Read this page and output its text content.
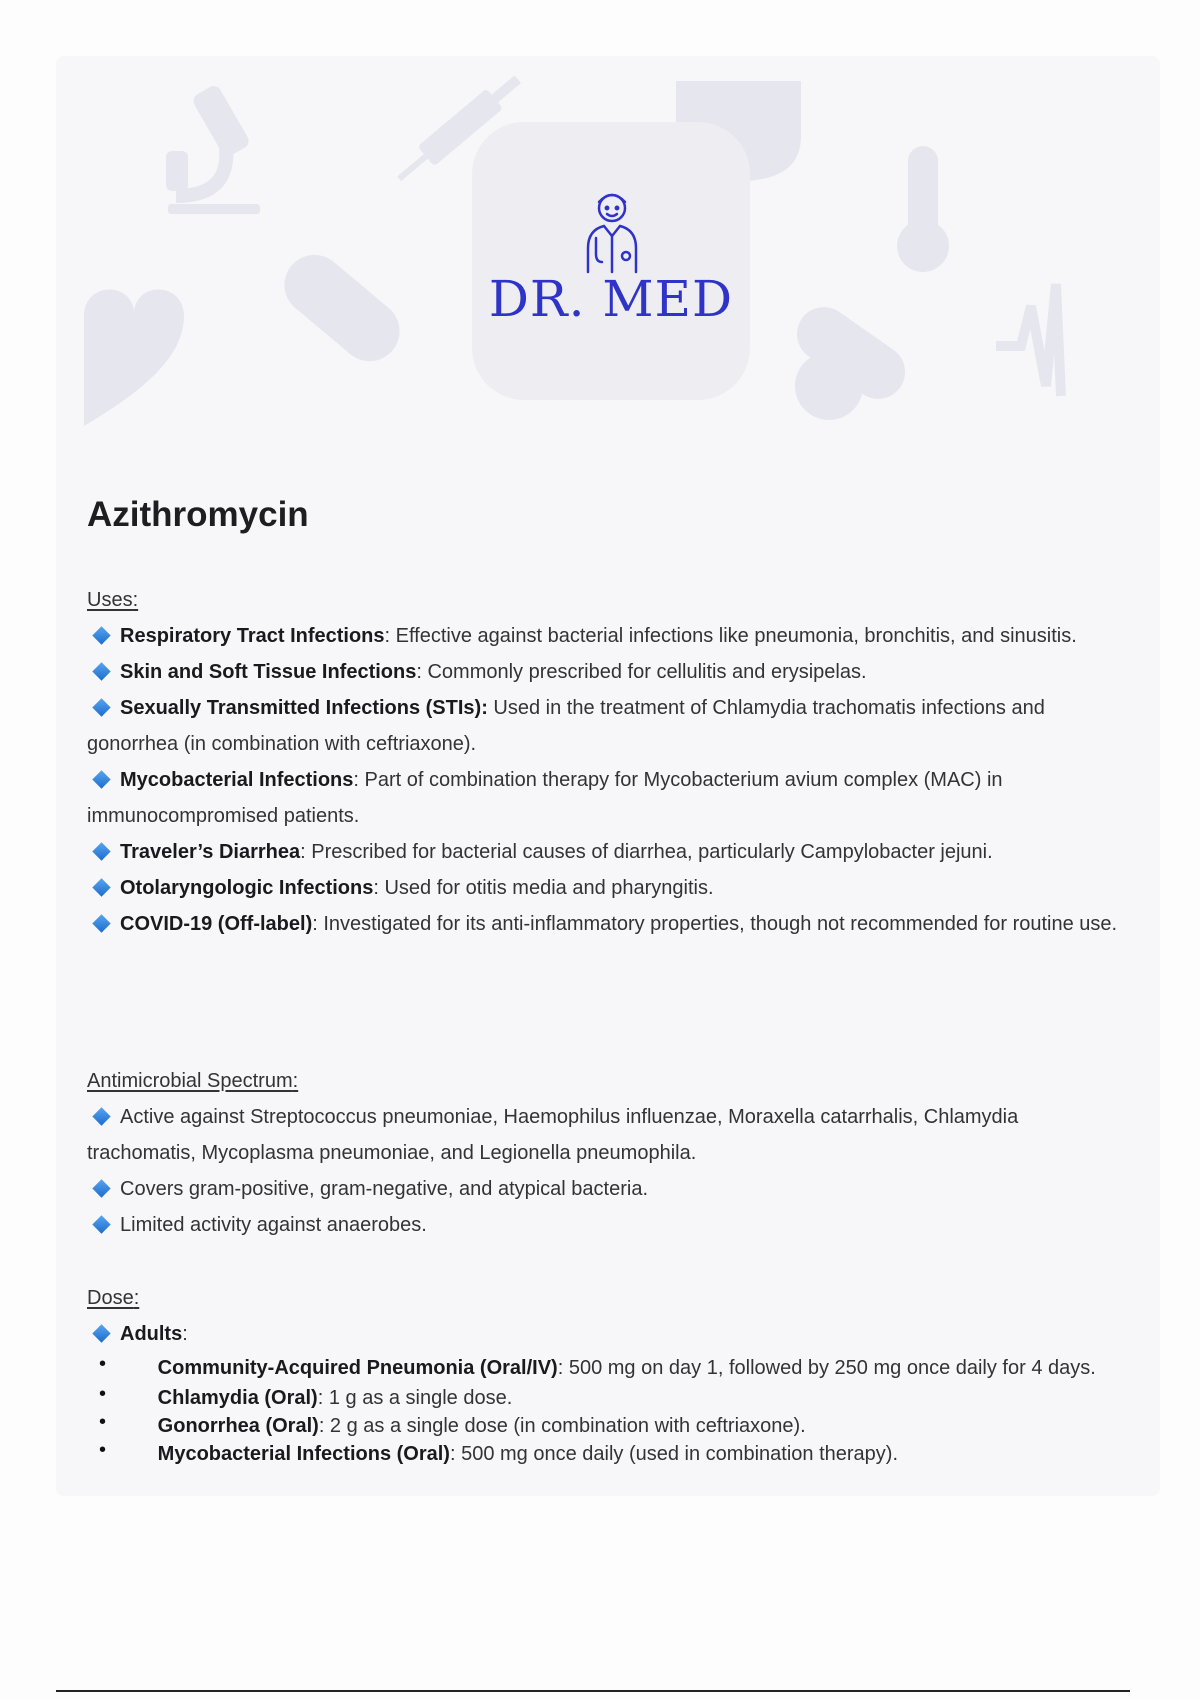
DR. MED
Azithromycin
Uses:

Respiratory Tract Infections: Effective against bacterial infections like pneumonia, bronchitis, and sinusitis.

Skin and Soft Tissue Infections: Commonly prescribed for cellulitis and erysipelas.

Sexually Transmitted Infections (STIs): Used in the treatment of Chlamydia trachomatis infections and gonorrhea (in combination with ceftriaxone).

Mycobacterial Infections: Part of combination therapy for Mycobacterium avium complex (MAC) in immunocompromised patients.

Traveler’s Diarrhea: Prescribed for bacterial causes of diarrhea, particularly Campylobacter jejuni.

Otolaryngologic Infections: Used for otitis media and pharyngitis.

COVID-19 (Off-label): Investigated for its anti-inflammatory properties, though not recommended for routine use.

Antimicrobial Spectrum:

Active against Streptococcus pneumoniae, Haemophilus influenzae, Moraxella catarrhalis, Chlamydia trachomatis, Mycoplasma pneumoniae, and Legionella pneumophila.

Covers gram-positive, gram-negative, and atypical bacteria.

Limited activity against anaerobes.

Dose:

Adults:

•	Community-Acquired Pneumonia (Oral/IV): 500 mg on day 1, followed by 250 mg once daily for 4 days.

•	Chlamydia (Oral): 1 g as a single dose.

•	Gonorrhea (Oral): 2 g as a single dose (in combination with ceftriaxone).

•	Mycobacterial Infections (Oral): 500 mg once daily (used in combination therapy).
